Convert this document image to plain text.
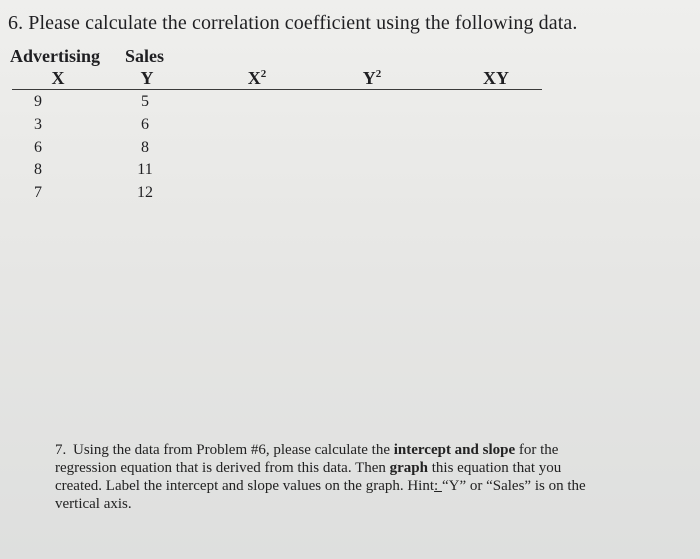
6. Please calculate the correlation coefficient using the following data.
Advertising Sales
X	Y	$X^2$	$Y^2$	XY
9	5
3	6
6	8
8	11
7	12
7. Using the data from Problem #6, please calculate the intercept and slope for the
regression equation that is derived from this data. Then graph this equation that you
created. Label the intercept and slope values on the graph. Hint: “Y” or “Sales” is on the
vertical axis.
